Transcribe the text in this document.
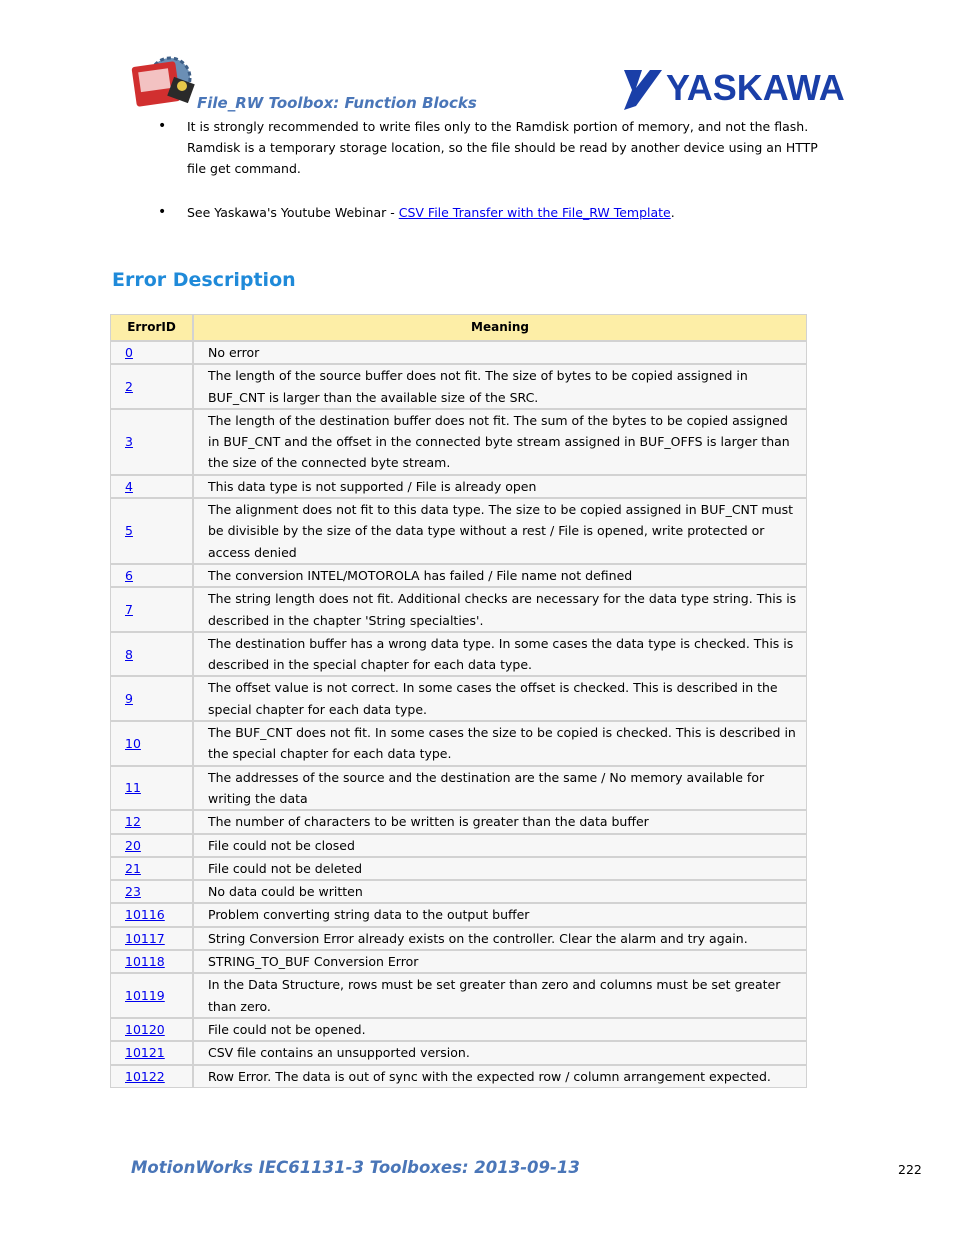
File_RW Toolbox: Function Blocks	YASKAWA
• It is strongly recommended to write files only to the Ramdisk portion of memory, and not the flash. Ramdisk is a temporary storage location, so the file should be read by another device using an HTTP file get command.
• See Yaskawa's Youtube Webinar - CSV File Transfer with the File_RW Template.
Error Description
ErrorID	Meaning
0	No error
2	The length of the source buffer does not fit. The size of bytes to be copied assigned in BUF_CNT is larger than the available size of the SRC.
3	The length of the destination buffer does not fit. The sum of the bytes to be copied assigned in BUF_CNT and the offset in the connected byte stream assigned in BUF_OFFS is larger than the size of the connected byte stream.
4	This data type is not supported / File is already open
5	The alignment does not fit to this data type. The size to be copied assigned in BUF_CNT must be divisible by the size of the data type without a rest / File is opened, write protected or access denied
6	The conversion INTEL/MOTOROLA has failed / File name not defined
7	The string length does not fit. Additional checks are necessary for the data type string. This is described in the chapter 'String specialties'.
8	The destination buffer has a wrong data type. In some cases the data type is checked. This is described in the special chapter for each data type.
9	The offset value is not correct. In some cases the offset is checked. This is described in the special chapter for each data type.
10	The BUF_CNT does not fit. In some cases the size to be copied is checked. This is described in the special chapter for each data type.
11	The addresses of the source and the destination are the same / No memory available for writing the data
12	The number of characters to be written is greater than the data buffer
20	File could not be closed
21	File could not be deleted
23	No data could be written
10116	Problem converting string data to the output buffer
10117	String Conversion Error already exists on the controller. Clear the alarm and try again.
10118	STRING_TO_BUF Conversion Error
10119	In the Data Structure, rows must be set greater than zero and columns must be set greater than zero.
10120	File could not be opened.
10121	CSV file contains an unsupported version.
10122	Row Error. The data is out of sync with the expected row / column arrangement expected.
MotionWorks IEC61131-3 Toolboxes: 2013-09-13	222
